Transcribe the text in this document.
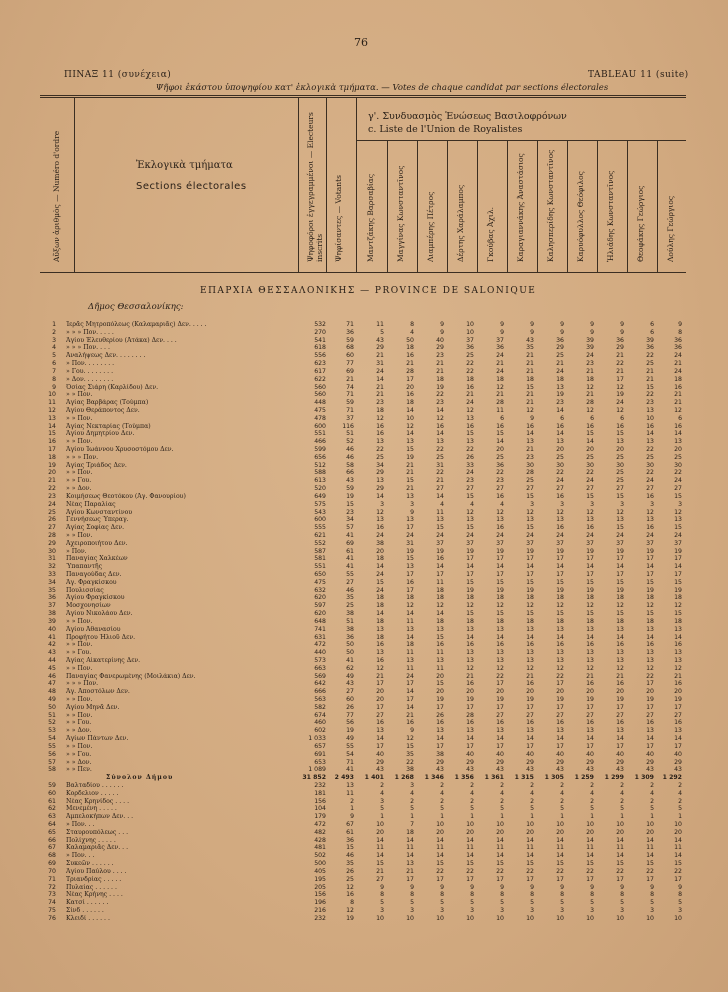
76
ΠΙΝΑΞ 11 (συνέχεια)	TABLEAU 11 (suite)
Ψῆφοι ἑκάστου ὑποψηφίου κατ' ἐκλογικὰ τμήματα. — Votes de chaque candidat par sections électorales
Αὔξων ἀριθμὸς — Numéro d'ordre	Ἐκλογικὰ τμήματα
Sections électorales	Ψηφοφόροι ἐγγεγραμμένοι — Electeurs inscrits Ψηφίσαντες — Votants
γ'. Συνδυασμὸς Ἑνώσεως Βασιλοφρόνων
c. Liste de l'Union de Royalistes
Μαντζάκης Βαρσαβίας	Μαγγίνας Κωνσταντῖνος	Λιαμπέρης Πέτρος	Δέρτης Χαράλαμπος	Γκούβας Ἀχιλ.	Καραγιαννάκης Ἀναστάσιος	Καλησπερίδης Κωνσταντῖνος	Καρυόφυλλος Θεόφιλος	Ἠλιάδης Κωνσταντῖνος	Θεοφάκης Γεώργιος	Λούλης Γεώργιος
ΕΠΑΡΧΙΑ ΘΕΣΣΑΛΟΝΙΚΗΣ — PROVINCE DE SALONIQUE
Δῆμος Θεσσαλονίκης:
1 Ἱερᾶς Μητροπόλεως (Καλαμαριᾶς) Δεν. . . . .	532	71	11	8	9	10	9	9	9	9	9	6	9
2 » » » Πον. . . . .	270	36	5	4	9	10	9	9	9	9	9	6	8
3 Ἁγίου Ἐλευθερίου (Ἀτάκα) Δεν. . . .	541	59	43	50	40	37	37	43	36	39	36	39	36
4 » » » Πον. . . .	618	68	29	18	29	36	36	35	29	39	29	36	36
5 Ἀναλήψεως Δεν. . . . . . . .	556	60	21	16	23	25	24	21	25	24	21	22	24
6 » Πον. . . . . . . .	623	77	31	21	21	22	21	21	21	23	22	25	21
7 » Γου. . . . . . . .	617	69	24	28	21	22	24	21	24	21	21	21	24
8 » Δον. . . . . . . .	622	21	14	17	18	18	18	18	18	18	17	21	18
9 Ὁσίας Σιάρη (Καρλίδου) Δεν.	560	74	21	20	19	16	12	15	13	12	12	15	16
10 » » Πον.	560	71	21	16	22	21	21	21	19	21	19	22	21
11 Ἁγίας Βαρβάρας (Τούμπα)	448	59	23	18	23	24	28	21	23	28	24	23	21
12 Ἁγίου Θεράποντος Δεν.	475	71	18	14	14	12	11	12	14	12	12	13	12
13 » » Πον.	478	37	12	10	12	13	6	9	6	6	6	10	6
14 Ἁγίας Νεκταρίας (Τούμπα)	600	116	16	12	16	16	16	16	16	16	16	16	16
15 Ἁγίου Δημητρίου Δεν.	551	51	16	14	14	15	15	14	14	15	15	14	14
16 » » Πον.	466	52	13	13	13	13	14	13	13	14	13	13	13
17 Ἁγίου Ἰωάννου Χρυσοστόμου Δεν.	599	46	22	15	22	22	20	21	20	20	20	22	20
18 » » » Πον.	656	46	25	19	25	26	25	23	25	25	25	25	25
19 Ἁγίας Τριάδος Δεν.	512	58	34	21	31	33	36	30	30	30	30	30	30
20 » » Πον.	588	66	29	21	22	24	22	28	22	22	25	22	22
21 » » Γου.	613	43	13	15	21	23	23	25	24	24	25	24	24
22 » » Δον.	520	59	29	21	27	27	27	27	27	27	27	27	27
23 Κοιμήσεως Θεοτόκου (Ἁγ. Φανουρίου)	649	19	14	13	14	15	16	15	16	15	15	16	15
24 Νέας Παραλίας	575	15	3	3	4	4	4	3	3	3	3	3	3
25 Ἁγίου Κωνσταντίνου	543	23	12	9	11	12	12	12	12	12	12	12	12
26 Γεννήσεως Ὑπεραγ.	600	34	13	13	13	13	13	13	13	13	13	13	13
27 Ἁγίας Σοφίας Δεν.	555	57	16	17	15	15	16	15	16	16	15	16	15
28 » » Πον.	621	41	24	24	24	24	24	24	24	24	24	24	24
29 Ἀχειροποιήτου Δεν.	552	69	38	31	37	37	37	37	37	37	37	37	37
30 » Πον.	587	61	20	19	19	19	19	19	19	19	19	19	19
31 Παναγίας Χαλκέων	581	41	18	15	16	17	17	17	17	17	17	17	17
32 Ὑπαπαντῆς	551	41	14	13	14	14	14	14	14	14	14	14	14
33 Παναγούδας Δεν.	650	55	24	17	17	17	17	17	17	17	17	17	17
34 Ἁγ. Φραγκίσκου	475	27	15	16	11	15	15	15	15	15	15	15	15
35 Πουλισσίας	632	46	24	17	18	19	19	19	19	19	19	19	19
36 Ἁγίου Φραγκίσκου	620	35	18	18	18	18	18	18	18	18	18	18	18
37 Μοσχονησίων	597	25	18	12	12	12	12	12	12	12	12	12	12
38 Ἁγίου Νικολάου Δεν.	620	38	14	14	14	15	15	15	15	15	15	15	15
39 » » Πον.	648	51	18	11	18	18	18	18	18	18	18	18	18
40 Ἁγίου Ἀθανασίου	741	38	13	13	13	13	13	13	13	13	13	13	13
41 Προφήτου Ἠλιοῦ Δεν.	631	36	18	14	15	14	14	14	14	14	14	14	14
42 » » Πον.	472	50	16	18	16	16	16	16	16	16	16	16	16
43 » » Γου.	440	50	13	11	11	13	13	13	13	13	13	13	13
44 Ἁγίας Αἰκατερίνης Δεν.	573	41	16	13	13	13	13	13	13	13	13	13	13
45 » » Πον.	663	62	12	11	11	12	12	12	12	12	12	12	12
46 Παναγίας Φανερωμένης (Μοιλάκια) Δεν.	569	49	21	24	20	21	22	21	22	21	21	22	21
47 » » » Πον.	642	43	17	17	15	16	17	16	17	16	16	17	16
48 Ἁγ. Ἀποστόλων Δεν.	666	27	20	14	20	20	20	20	20	20	20	20	20
49 » » Πον.	563	60	20	17	19	19	19	19	19	19	19	19	19
50 Ἁγίου Μηνᾶ Δεν.	582	26	17	14	17	17	17	17	17	17	17	17	17
51 » » Πον.	674	77	27	21	26	28	27	27	27	27	27	27	27
52 » » Γου.	460	56	16	16	16	16	16	16	16	16	16	16	16
53 » » Δον.	602	19	13	9	13	13	13	13	13	13	13	13	13
54 Ἁγίων Πάντων Δεν.	1 033	49	14	12	14	14	14	14	14	14	14	14	14
55 » » Πον.	657	55	17	15	17	17	17	17	17	17	17	17	17
56 » » Γου.	691	54	40	35	38	40	40	40	40	40	40	40	40
57 » » Δον.	653	71	29	22	29	29	29	29	29	29	29	29	29
58 » » Πεν.	1 089	41	43	38	43	43	43	43	43	43	43	43	43
Σύνολον Δήμου	31 852	2 493	1 401	1 268	1 346	1 356	1 361	1 315	1 305	1 259	1 299	1 309	1 292
59 Βαλταδίου . . . . . .	232	13	2	3	2	2	2	2	2	2	2	2	2
60 Κορδελιον . . . . .	181	11	4	4	4	4	4	4	4	4	4	4	4
61 Νέας Κρηνίδος . . . .	156	2	3	2	2	2	2	2	2	2	2	2	2
62 Μενεμένη . . . . .	104	1	5	5	5	5	5	5	5	5	5	5	5
63 Ἀμπελοκήπων Δεν. . .	179	9	1	1	1	1	1	1	1	1	1	1	1
64 » Πον. . .	472	67	10	7	10	10	10	10	10	10	10	10	10
65 Σταυρουπόλεως . . .	482	61	20	18	20	20	20	20	20	20	20	20	20
66 Πολίχνης . . . . .	428	36	14	14	14	14	14	14	14	14	14	14	14
67 Καλαμαριᾶς Δεν. . .	481	15	11	11	11	11	11	11	11	11	11	11	11
68 » Πον. . .	502	46	14	14	14	14	14	14	14	14	14	14	14
69 Συκεῶν . . . . . .	500	35	15	13	15	15	15	15	15	15	15	15	15
70 Ἁγίου Παύλου . . . .	405	26	21	21	22	22	22	22	22	22	22	22	22
71 Τριανδρίας . . . . .	195	25	27	17	17	17	17	17	17	17	17	17	17
72 Πυλαίας . . . . . .	205	12	9	9	9	9	9	9	9	9	9	9	9
73 Νέας Κρήνης . . . .	156	16	8	8	8	8	8	8	8	8	8	8	8
74 Κατσί . . . . . .	196	8	5	5	5	5	5	5	5	5	5	5	5
75 Σίνδ . . . . . .	216	12	3	3	3	3	3	3	3	3	3	3	3
76 Κλειδί . . . . . .	232	19	10	10	10	10	10	10	10	10	10	10	10
